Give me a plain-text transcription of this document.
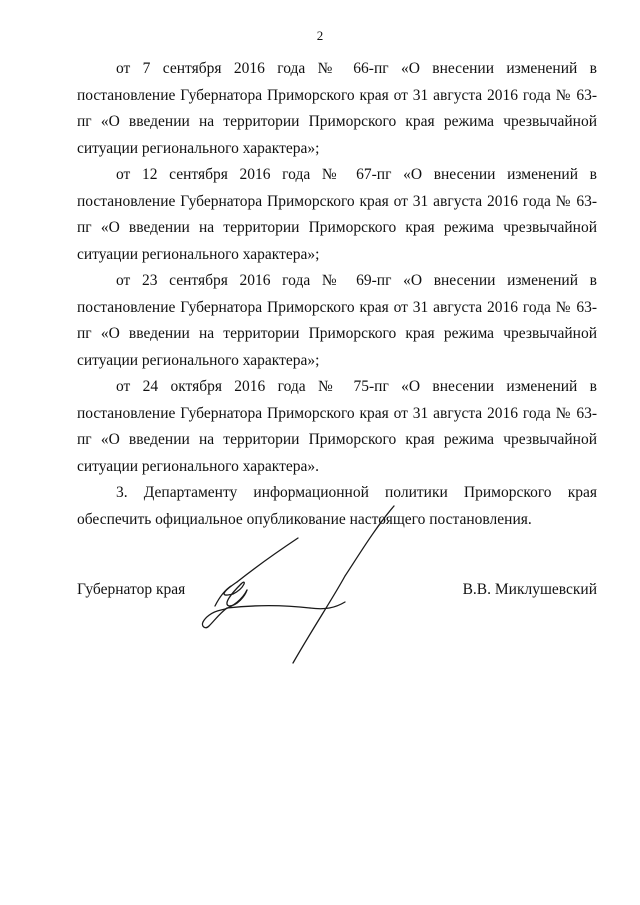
2

от 7 сентября 2016 года № 66-пг «О внесении изменений в постановление Губернатора Приморского края от 31 августа 2016 года № 63-пг «О введении на территории Приморского края режима чрезвычайной ситуации регионального характера»;

от 12 сентября 2016 года № 67-пг «О внесении изменений в постановление Губернатора Приморского края от 31 августа 2016 года № 63-пг «О введении на территории Приморского края режима чрезвычайной ситуации регионального характера»;

от 23 сентября 2016 года № 69-пг «О внесении изменений в постановление Губернатора Приморского края от 31 августа 2016 года № 63-пг «О введении на территории Приморского края режима чрезвычайной ситуации регионального характера»;

от 24 октября 2016 года № 75-пг «О внесении изменений в постановление Губернатора Приморского края от 31 августа 2016 года № 63-пг «О введении на территории Приморского края режима чрезвычайной ситуации регионального характера».

3. Департаменту информационной политики Приморского края обеспечить официальное опубликование настоящего постановления.

Губернатор края	В.В. Миклушевский
